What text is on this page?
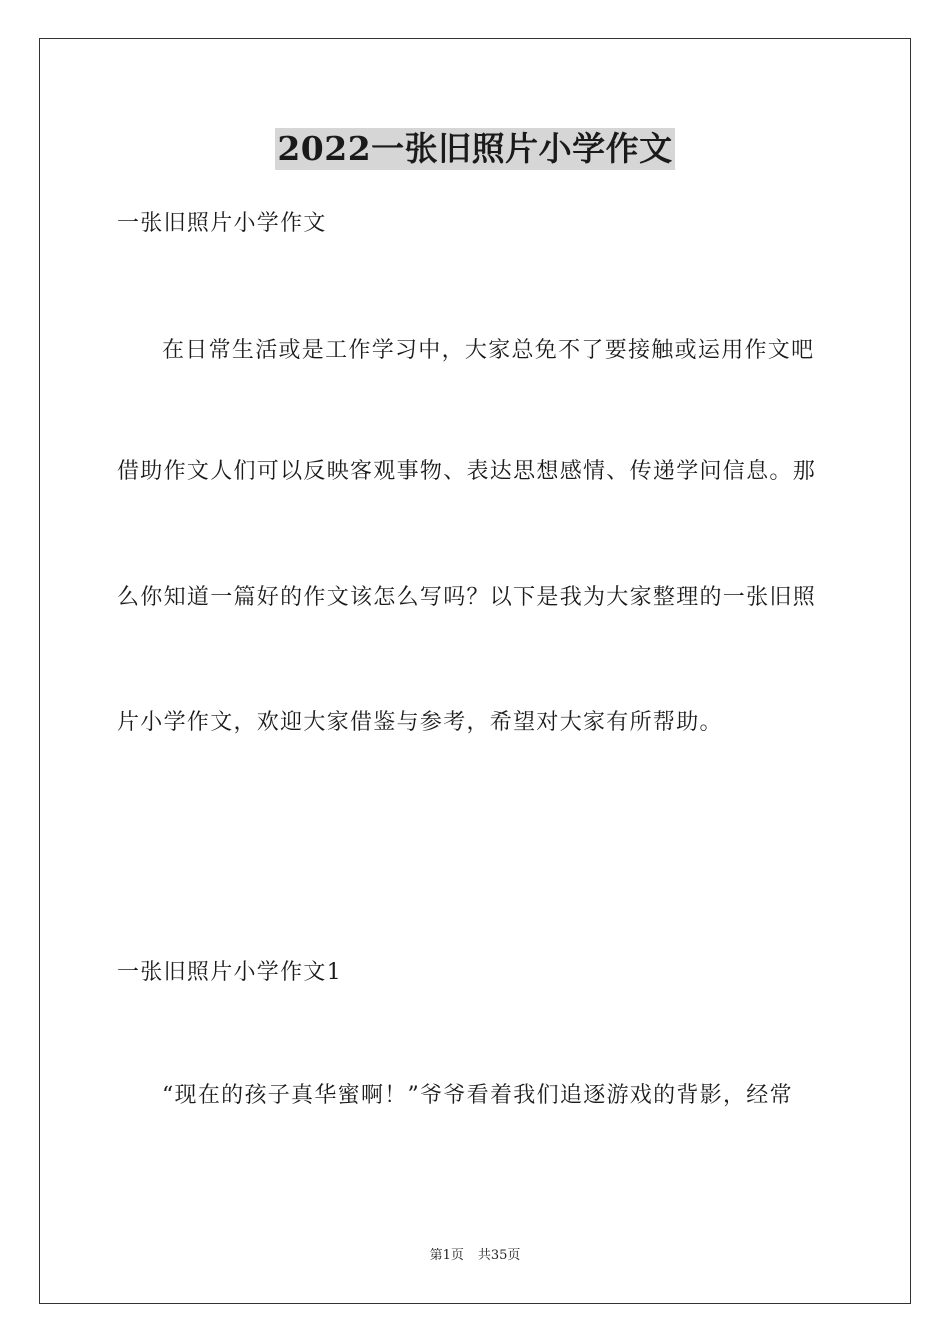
2022一张旧照片小学作文
一张旧照片小学作文
在日常生活或是工作学习中，大家总免不了要接触或运用作文吧
借助作文人们可以反映客观事物、表达思想感情、传递学问信息。那
么你知道一篇好的作文该怎么写吗？以下是我为大家整理的一张旧照
片小学作文，欢迎大家借鉴与参考，希望对大家有所帮助。
一张旧照片小学作文1
“现在的孩子真华蜜啊！”爷爷看着我们追逐游戏的背影，经常
第1页 共35页
